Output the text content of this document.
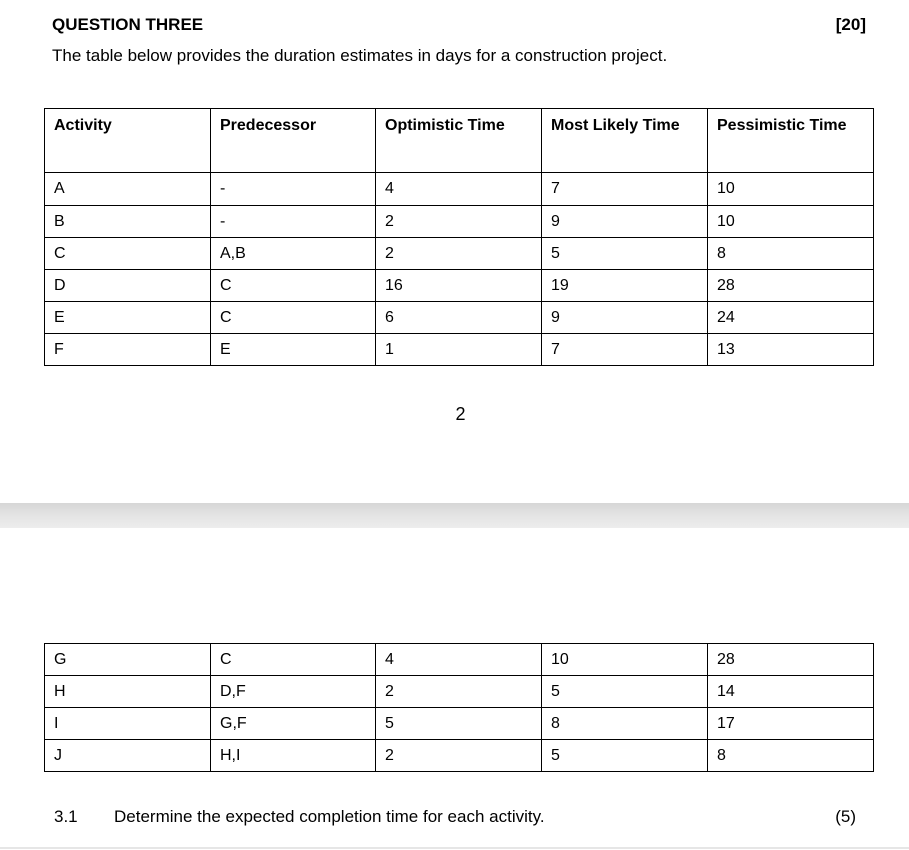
QUESTION THREE	[20]
The table below provides the duration estimates in days for a construction project.
Activity	Predecessor	Optimistic Time	Most Likely Time	Pessimistic Time
A	-	4	7	10
B	-	2	9	10
C	A,B	2	5	8
D	C	16	19	28
E	C	6	9	24
F	E	1	7	13
2
G	C	4	10	28
H	D,F	2	5	14
I	G,F	5	8	17
J	H,I	2	5	8
3.1 Determine the expected completion time for each activity.	(5)
